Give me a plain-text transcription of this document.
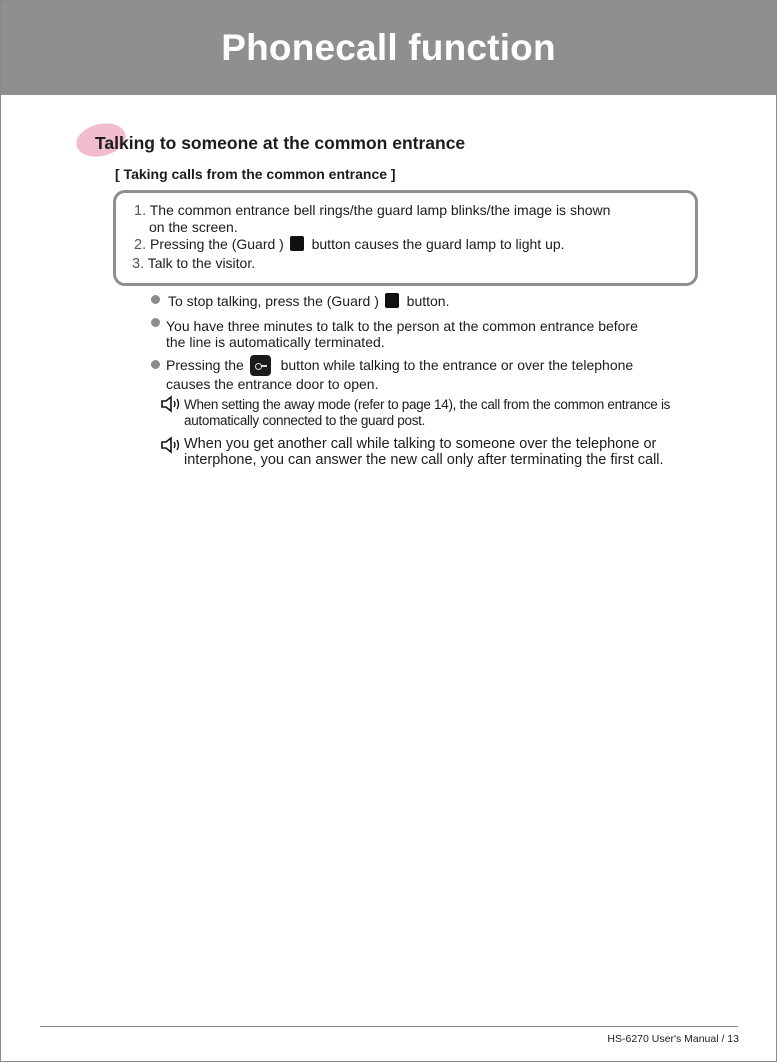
Phonecall function
Talking to someone at the common entrance
[ Taking calls from the common entrance ]
1. The common entrance bell rings/the guard lamp blinks/the image is shown
on the screen.
2. Pressing the (Guard ) button causes the guard lamp to light up.
3. Talk to the visitor.
To stop talking, press the (Guard ) button.
You have three minutes to talk to the person at the common entrance before
the line is automatically terminated.
Pressing the	button while talking to the entrance or over the telephone
causes the entrance door to open.
When setting the away mode (refer to page 14), the call from the common entrance is
automatically connected to the guard post.
When you get another call while talking to someone over the telephone or
interphone, you can answer the new call only after terminating the first call.
HS-6270 User's Manual / 13
